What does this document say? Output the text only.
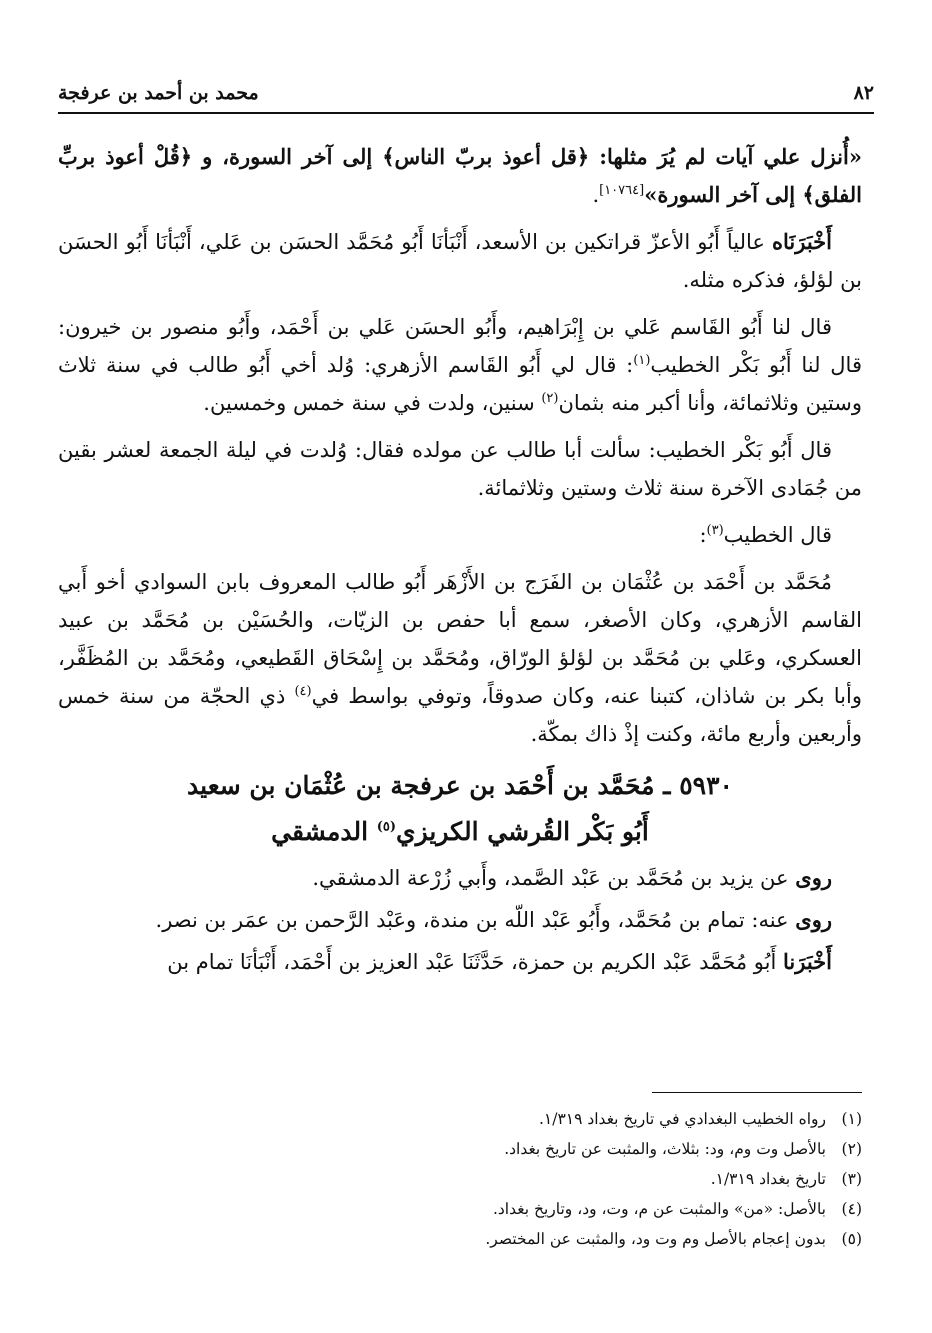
٨٢
محمد بن أحمد بن عرفجة

«أُنزل علي آيات لم يُرَ مثلها: ﴿قل أعوذ بربّ الناس﴾ إلى آخر السورة، و ﴿قُلْ أعوذ بربِّ الفلق﴾ إلى آخر السورة»[١٠٧٦٤].

أَخْبَرَنَاه عالياً أَبُو الأعزّ قراتكين بن الأسعد، أَنْبَأنَا أَبُو مُحَمَّد الحسَن بن عَلي، أَنْبَأنَا أَبُو الحسَن بن لؤلؤ، فذكره مثله.

قال لنا أَبُو القَاسم عَلي بن إِبْرَاهيم، وأَبُو الحسَن عَلي بن أَحْمَد، وأَبُو منصور بن خيرون: قال لنا أَبُو بَكْر الخطيب$^{(١)}$: قال لي أَبُو القَاسم الأزهري: وُلد أخي أَبُو طالب في سنة ثلاث وستين وثلاثمائة، وأنا أكبر منه بثمان$^{(٢)}$ سنين، ولدت في سنة خمس وخمسين.

قال أَبُو بَكْر الخطيب: سألت أبا طالب عن مولده فقال: وُلدت في ليلة الجمعة لعشر بقين من جُمَادى الآخرة سنة ثلاث وستين وثلاثمائة.

قال الخطيب$^{(٣)}$:

مُحَمَّد بن أَحْمَد بن عُثْمَان بن الفَرَج بن الأَزْهَر أَبُو طالب المعروف بابن السوادي أخو أَبي القاسم الأزهري، وكان الأصغر، سمع أبا حفص بن الزيّات، والحُسَيْن بن مُحَمَّد بن عبيد العسكري، وعَلي بن مُحَمَّد بن لؤلؤ الورّاق، ومُحَمَّد بن إِسْحَاق القَطيعي، ومُحَمَّد بن المُظَفَّر، وأبا بكر بن شاذان، كتبنا عنه، وكان صدوقاً، وتوفي بواسط في$^{(٤)}$ ذي الحجّة من سنة خمس وأربعين وأربع مائة، وكنت إذْ ذاك بمكّة.

٥٩٣٠ ـ مُحَمَّد بن أَحْمَد بن عرفجة بن عُثْمَان بن سعيد
أَبُو بَكْر القُرشي الكريزي$^{(٥)}$ الدمشقي

روى عن يزيد بن مُحَمَّد بن عَبْد الصَّمد، وأَبي زُرْعة الدمشقي.

روى عنه: تمام بن مُحَمَّد، وأَبُو عَبْد اللّه بن مندة، وعَبْد الرَّحمن بن عمَر بن نصر.

أَخْبَرَنا أَبُو مُحَمَّد عَبْد الكريم بن حمزة، حَدَّثَنَا عَبْد العزيز بن أَحْمَد، أَنْبَأنَا تمام بن

(١)
رواه الخطيب البغدادي في تاريخ بغداد ١/٣١٩.
(٢)
بالأصل وت وم، ود: بثلاث، والمثبت عن تاريخ بغداد.
(٣)
تاريخ بغداد ١/٣١٩.
(٤)
بالأصل: «من» والمثبت عن م، وت، ود، وتاريخ بغداد.
(٥)
بدون إعجام بالأصل وم وت ود، والمثبت عن المختصر.
